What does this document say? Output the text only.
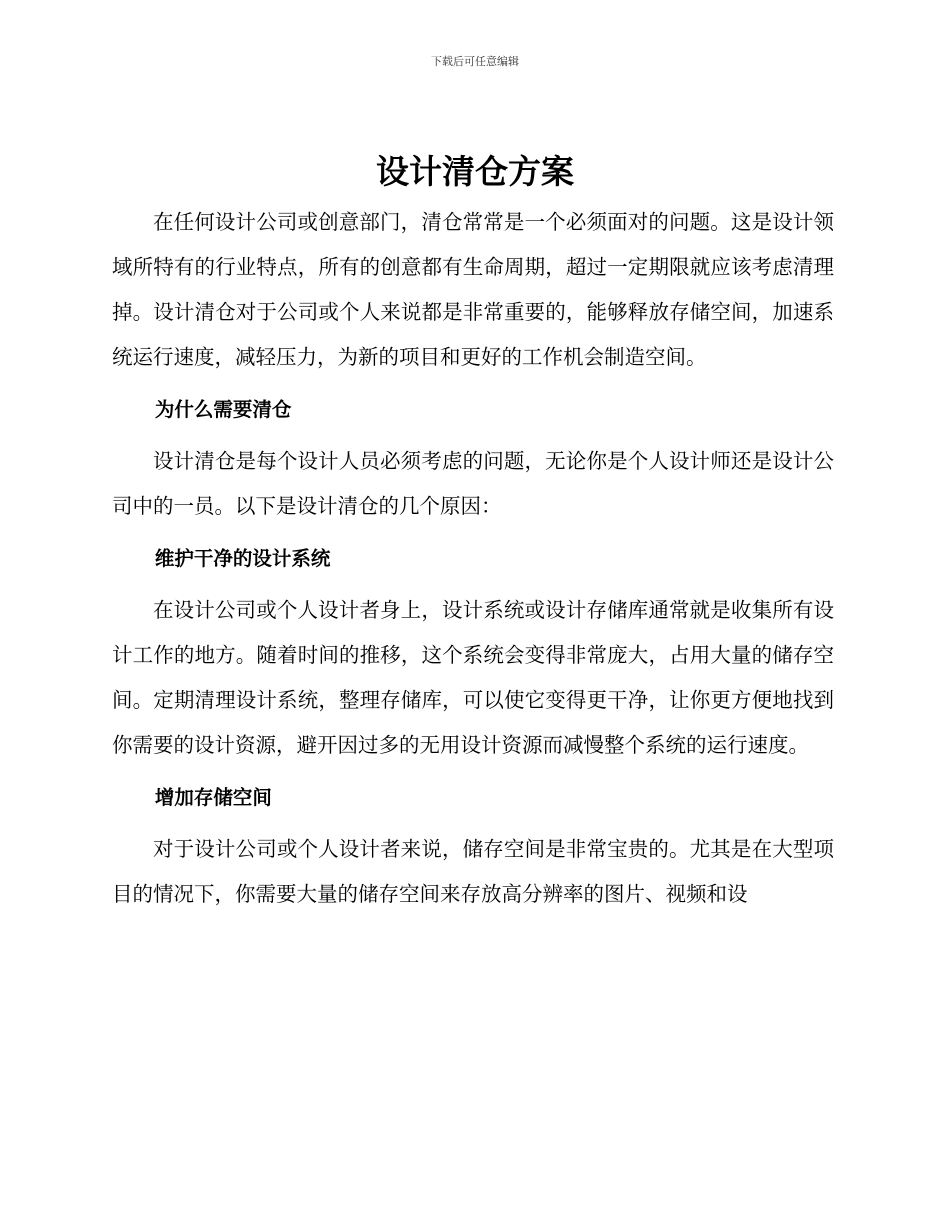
下载后可任意编辑
设计清仓方案

在任何设计公司或创意部门，清仓常常是一个必须面对的问题。这是设计领域所特有的行业特点，所有的创意都有生命周期，超过一定期限就应该考虑清理掉。设计清仓对于公司或个人来说都是非常重要的，能够释放存储空间，加速系统运行速度，减轻压力，为新的项目和更好的工作机会制造空间。

为什么需要清仓

设计清仓是每个设计人员必须考虑的问题，无论你是个人设计师还是设计公司中的一员。以下是设计清仓的几个原因：

维护干净的设计系统

在设计公司或个人设计者身上，设计系统或设计存储库通常就是收集所有设计工作的地方。随着时间的推移，这个系统会变得非常庞大，占用大量的储存空间。定期清理设计系统，整理存储库，可以使它变得更干净，让你更方便地找到你需要的设计资源，避开因过多的无用设计资源而减慢整个系统的运行速度。

增加存储空间

对于设计公司或个人设计者来说，储存空间是非常宝贵的。尤其是在大型项目的情况下，你需要大量的储存空间来存放高分辨率的图片、视频和设
